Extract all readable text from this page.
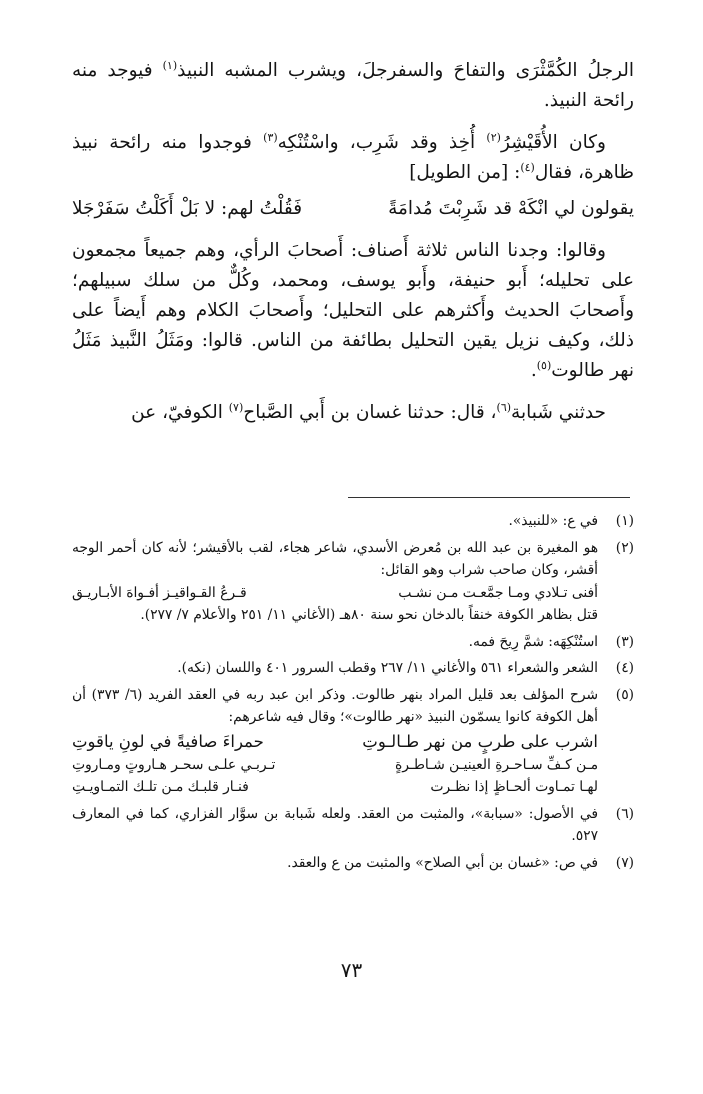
الرجلُ الكُمَّثْرَى والتفاحَ والسفرجلَ، ويشرب المشبه النبيذ$^{(١)}$ فيوجد منه رائحة النبيذ.

وكان الأُقَيْشِرُ$^{(٢)}$ أُخِذ وقد شَرِب، واسْتُنْكِه$^{(٣)}$ فوجدوا منه رائحة نبيذ ظاهرة، فقال$^{(٤)}$: [من الطويل]

يقولون لي انْكَهْ قد شَرِبْتَ مُدامَةً
فَقُلْتُ لهم: لا بَلْ أَكَلْتُ سَفَرْجَلا

وقالوا: وجدنا الناس ثلاثة أَصناف: أَصحابَ الرأي، وهم جميعاً مجمعون على تحليله؛ أَبو حنيفة، وأَبو يوسف، ومحمد، وكُلٌّ من سلك سبيلهم؛ وأَصحابَ الحديث وأَكثرهم على التحليل؛ وأَصحابَ الكلام وهم أَيضاً على ذلك، وكيف نزيل يقين التحليل بطائفة من الناس. قالوا: ومَثَلُ النَّبيذ مَثَلُ نهر طالوت$^{(٥)}$.

حدثني شَبابة$^{(٦)}$، قال: حدثنا غسان بن أَبي الصَّباح$^{(٧)}$ الكوفيّ، عن

(١)
في ع: «للنبيذ».
(٢)
هو المغيرة بن عبد الله بن مُعرض الأسدي، شاعر هجاء، لقب بالأقيشر؛ لأنه كان أحمر الوجه أقشر، وكان صاحب شراب وهو القائل:
أفنى تـلادي ومـا جمَّعـت مـن نشـب
قـرعُ القـواقيـز أفـواهَ الأبـاريـق
قتل بظاهر الكوفة خنقاً بالدخان نحو سنة ٨٠هـ (الأغاني ١١/ ٢٥١ والأعلام ٧/ ٢٧٧).
(٣)
استُنْكِهَه: شمَّ رِيحَ فمه.
(٤)
الشعر والشعراء ٥٦١ والأغاني ١١/ ٢٦٧ وقطب السرور ٤٠١ واللسان (نكه).
(٥)
شرح المؤلف بعد قليل المراد بنهر طالوت. وذكر ابن عبد ربه في العقد الفريد (٦/ ٣٧٣) أن أهل الكوفة كانوا يسمّون النبيذ «نهر طالوت»؛ وقال فيه شاعرهم:
اشرب على طربٍ من نهر طـالـوتِ
حمراءَ صافيةً في لونِ ياقوتِ
مـن كـفِّ سـاحـرةِ العينيـن شـاطـرةٍ
تـربـي علـى سحـر هـاروتٍ ومـاروتِ
لهـا تمـاوت ألحـاظٍ إذا نظـرت
فنـار قلبـك مـن تلـك التمـاويـتِ
(٦)
في الأصول: «سبابة»، والمثبت من العقد. ولعله شَبابة بن سوَّار الفزاري، كما في المعارف ٥٢٧.
(٧)
في ص: «غسان بن أبي الصلاح» والمثبت من ع والعقد.
٧٣
